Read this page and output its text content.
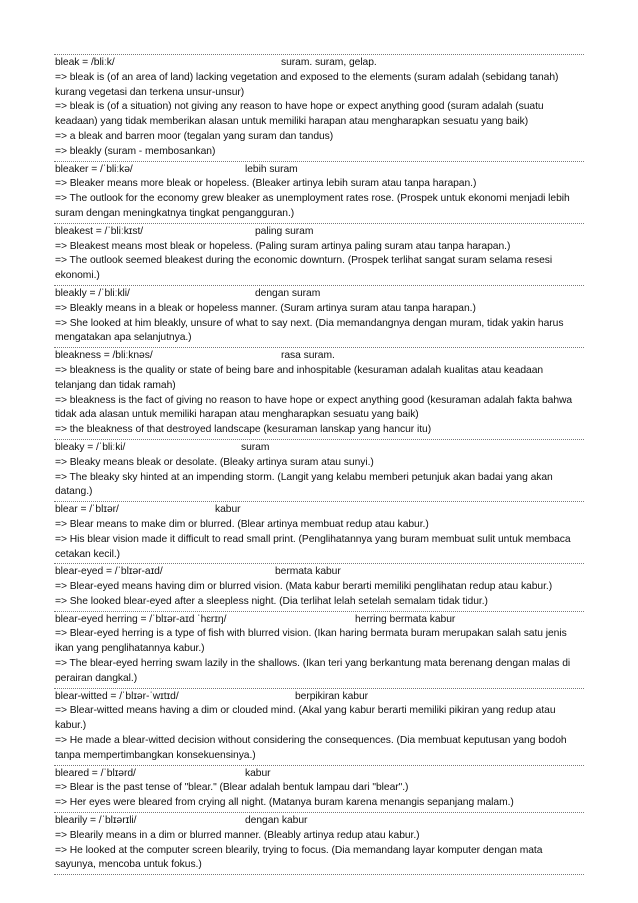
bleak = /bliːk/	suram. suram, gelap.
=> bleak is (of an area of land) lacking vegetation and exposed to the elements (suram adalah (sebidang tanah) kurang vegetasi dan terkena unsur-unsur)
=> bleak is (of a situation) not giving any reason to have hope or expect anything good (suram adalah (suatu keadaan) yang tidak memberikan alasan untuk memiliki harapan atau mengharapkan sesuatu yang baik)
=> a bleak and barren moor (tegalan yang suram dan tandus)
=> bleakly (suram - membosankan)
bleaker = /ˈbliːkə/	lebih suram
=> Bleaker means more bleak or hopeless. (Bleaker artinya lebih suram atau tanpa harapan.)
=> The outlook for the economy grew bleaker as unemployment rates rose. (Prospek untuk ekonomi menjadi lebih suram dengan meningkatnya tingkat pengangguran.)
bleakest = /ˈbliːkɪst/	paling suram
=> Bleakest means most bleak or hopeless. (Paling suram artinya paling suram atau tanpa harapan.)
=> The outlook seemed bleakest during the economic downturn. (Prospek terlihat sangat suram selama resesi ekonomi.)
bleakly = /ˈbliːkli/	dengan suram
=> Bleakly means in a bleak or hopeless manner. (Suram artinya suram atau tanpa harapan.)
=> She looked at him bleakly, unsure of what to say next. (Dia memandangnya dengan muram, tidak yakin harus mengatakan apa selanjutnya.)
bleakness = /bliːknəs/	rasa suram.
=> bleakness is the quality or state of being bare and inhospitable (kesuraman adalah kualitas atau keadaan telanjang dan tidak ramah)
=> bleakness is the fact of giving no reason to have hope or expect anything good (kesuraman adalah fakta bahwa tidak ada alasan untuk memiliki harapan atau mengharapkan sesuatu yang baik)
=> the bleakness of that destroyed landscape (kesuraman lanskap yang hancur itu)
bleaky = /ˈbliːki/	suram
=> Bleaky means bleak or desolate. (Bleaky artinya suram atau sunyi.)
=> The bleaky sky hinted at an impending storm. (Langit yang kelabu memberi petunjuk akan badai yang akan datang.)
blear = /ˈblɪər/	kabur
=> Blear means to make dim or blurred. (Blear artinya membuat redup atau kabur.)
=> His blear vision made it difficult to read small print. (Penglihatannya yang buram membuat sulit untuk membaca cetakan kecil.)
blear-eyed = /ˈblɪər-aɪd/	bermata kabur
=> Blear-eyed means having dim or blurred vision. (Mata kabur berarti memiliki penglihatan redup atau kabur.)
=> She looked blear-eyed after a sleepless night. (Dia terlihat lelah setelah semalam tidak tidur.)
blear-eyed herring = /ˈblɪər-aɪd ˈhɛrɪŋ/	herring bermata kabur
=> Blear-eyed herring is a type of fish with blurred vision. (Ikan haring bermata buram merupakan salah satu jenis ikan yang penglihatannya kabur.)
=> The blear-eyed herring swam lazily in the shallows. (Ikan teri yang berkantung mata berenang dengan malas di perairan dangkal.)
blear-witted = /ˈblɪər-ˈwɪtɪd/	berpikiran kabur
=> Blear-witted means having a dim or clouded mind. (Akal yang kabur berarti memiliki pikiran yang redup atau kabur.)
=> He made a blear-witted decision without considering the consequences. (Dia membuat keputusan yang bodoh tanpa mempertimbangkan konsekuensinya.)
bleared = /ˈblɪərd/	kabur
=> Blear is the past tense of "blear." (Blear adalah bentuk lampau dari "blear".)
=> Her eyes were bleared from crying all night. (Matanya buram karena menangis sepanjang malam.)
blearily = /ˈblɪərɪli/	dengan kabur
=> Blearily means in a dim or blurred manner. (Bleably artinya redup atau kabur.)
=> He looked at the computer screen blearily, trying to focus. (Dia memandang layar komputer dengan mata sayunya, mencoba untuk fokus.)
